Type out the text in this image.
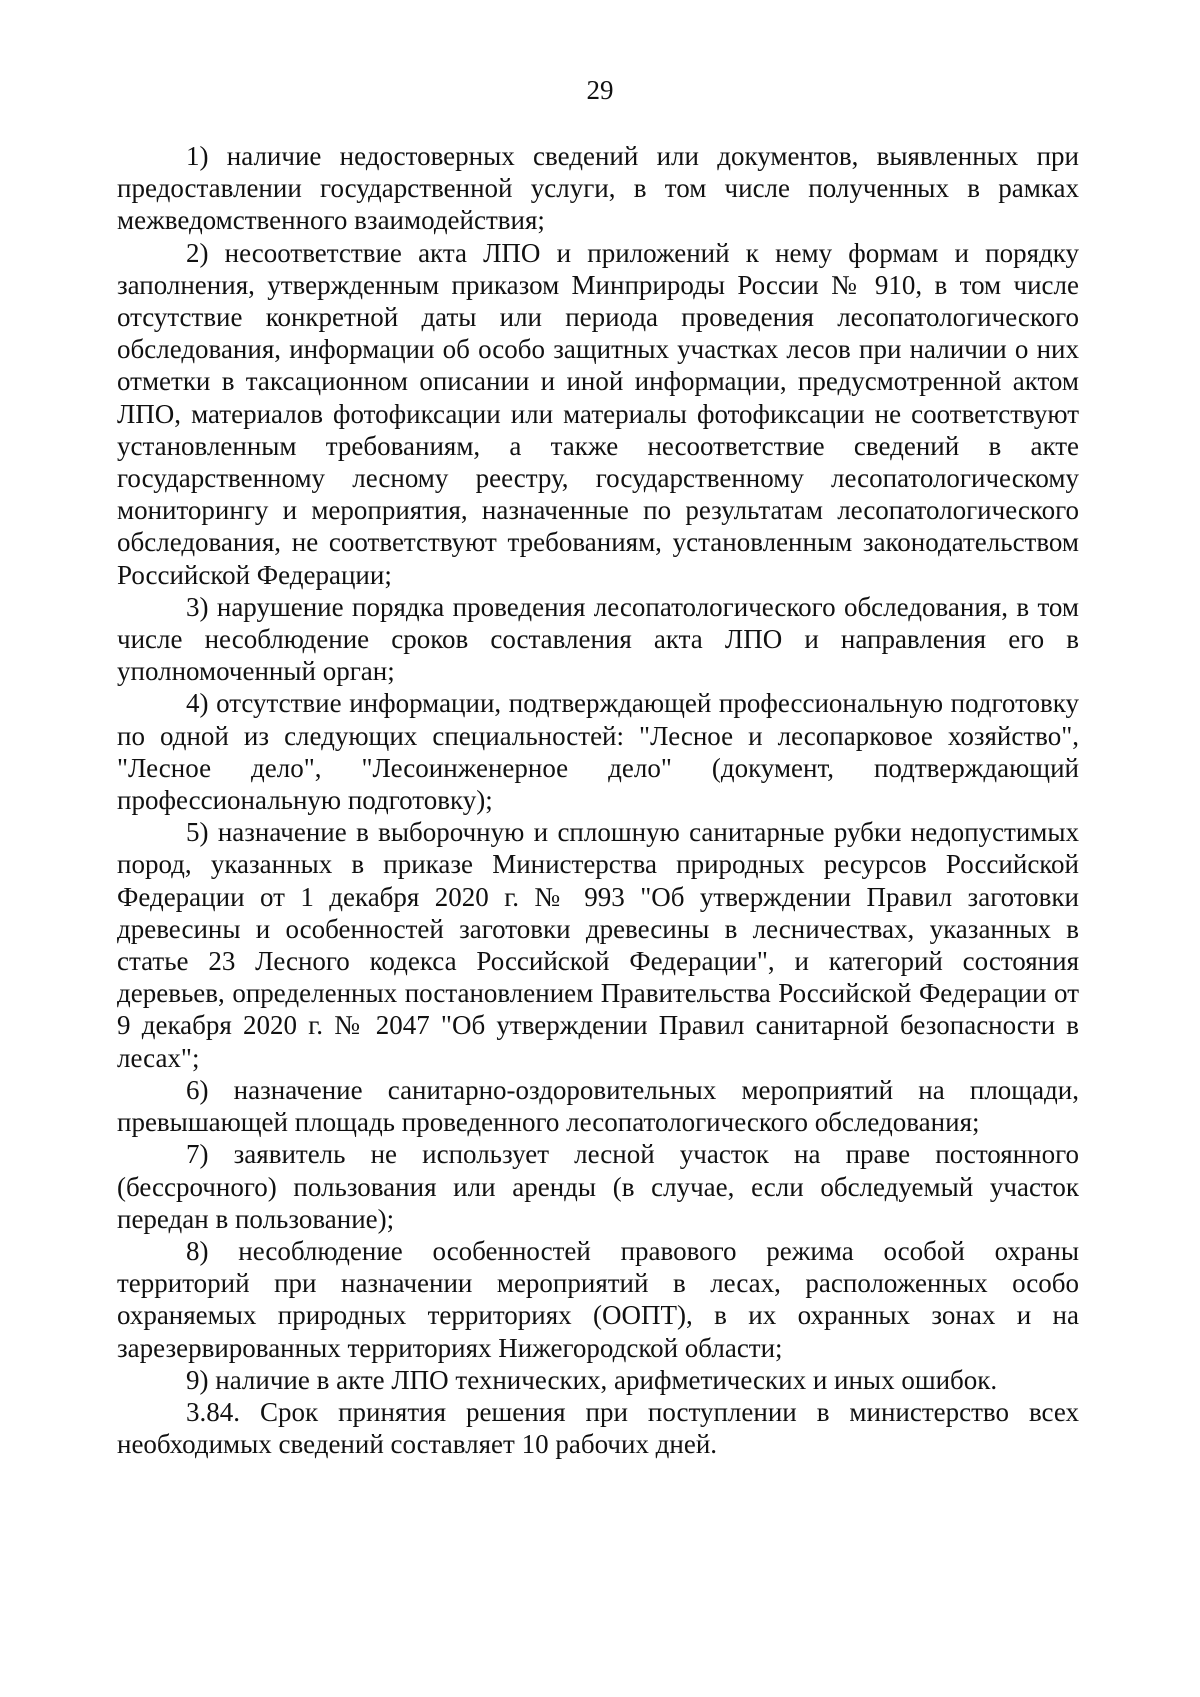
29

1) наличие недостоверных сведений или документов, выявленных при предоставлении государственной услуги, в том числе полученных в рамках межведомственного взаимодействия;

2) несоответствие акта ЛПО и приложений к нему формам и порядку заполнения, утвержденным приказом Минприроды России № 910, в том числе отсутствие конкретной даты или периода проведения лесопатологического обследования, информации об особо защитных участках лесов при наличии о них отметки в таксационном описании и иной информации, предусмотренной актом ЛПО, материалов фотофиксации или материалы фотофиксации не соответствуют установленным требованиям, а также несоответствие сведений в акте государственному лесному реестру, государственному лесопатологическому мониторингу и мероприятия, назначенные по результатам лесопатологического обследования, не соответствуют требованиям, установленным законодательством Российской Федерации;

3) нарушение порядка проведения лесопатологического обследования, в том числе несоблюдение сроков составления акта ЛПО и направления его в уполномоченный орган;

4) отсутствие информации, подтверждающей профессиональную подготовку по одной из следующих специальностей: "Лесное и лесопарковое хозяйство", "Лесное дело", "Лесоинженерное дело" (документ, подтверждающий профессиональную подготовку);

5) назначение в выборочную и сплошную санитарные рубки недопустимых пород, указанных в приказе Министерства природных ресурсов Российской Федерации от 1 декабря 2020 г. № 993 "Об утверждении Правил заготовки древесины и особенностей заготовки древесины в лесничествах, указанных в статье 23 Лесного кодекса Российской Федерации", и категорий состояния деревьев, определенных постановлением Правительства Российской Федерации от 9 декабря 2020 г. № 2047 "Об утверждении Правил санитарной безопасности в лесах";

6) назначение санитарно-оздоровительных мероприятий на площади, превышающей площадь проведенного лесопатологического обследования;

7) заявитель не использует лесной участок на праве постоянного (бессрочного) пользования или аренды (в случае, если обследуемый участок передан в пользование);

8) несоблюдение особенностей правового режима особой охраны территорий при назначении мероприятий в лесах, расположенных особо охраняемых природных территориях (ООПТ), в их охранных зонах и на зарезервированных территориях Нижегородской области;

9) наличие в акте ЛПО технических, арифметических и иных ошибок.

3.84. Срок принятия решения при поступлении в министерство всех необходимых сведений составляет 10 рабочих дней.
